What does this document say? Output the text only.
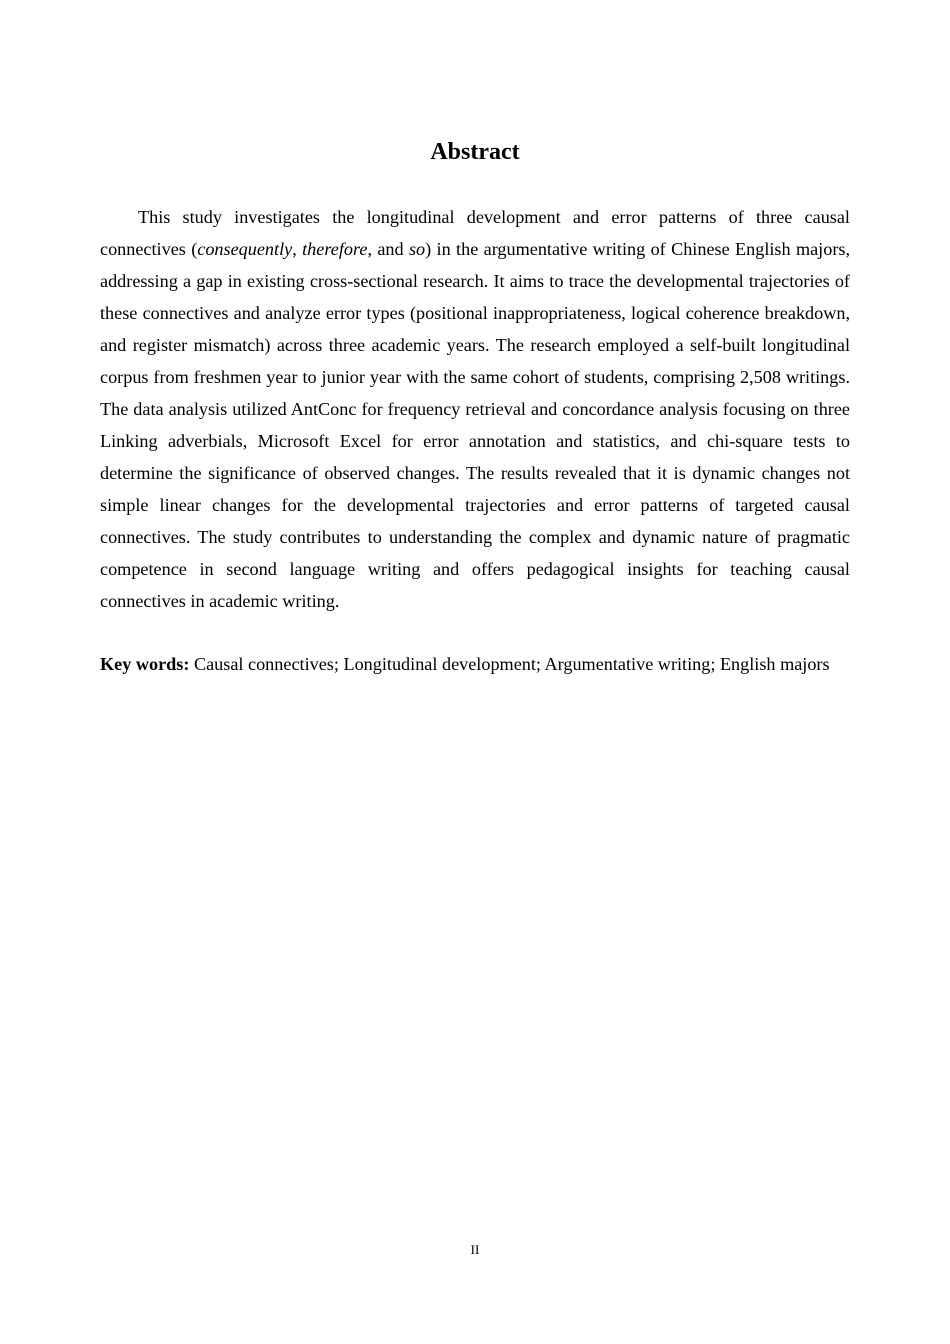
Abstract

This study investigates the longitudinal development and error patterns of three causal connectives (consequently, therefore, and so) in the argumentative writing of Chinese English majors, addressing a gap in existing cross-sectional research. It aims to trace the developmental trajectories of these connectives and analyze error types (positional inappropriateness, logical coherence breakdown, and register mismatch) across three academic years. The research employed a self-built longitudinal corpus from freshmen year to junior year with the same cohort of students, comprising 2,508 writings. The data analysis utilized AntConc for frequency retrieval and concordance analysis focusing on three Linking adverbials, Microsoft Excel for error annotation and statistics, and chi-square tests to determine the significance of observed changes. The results revealed that it is dynamic changes not simple linear changes for the developmental trajectories and error patterns of targeted causal connectives. The study contributes to understanding the complex and dynamic nature of pragmatic competence in second language writing and offers pedagogical insights for teaching causal connectives in academic writing.

Key words: Causal connectives; Longitudinal development; Argumentative writing; English majors

II
